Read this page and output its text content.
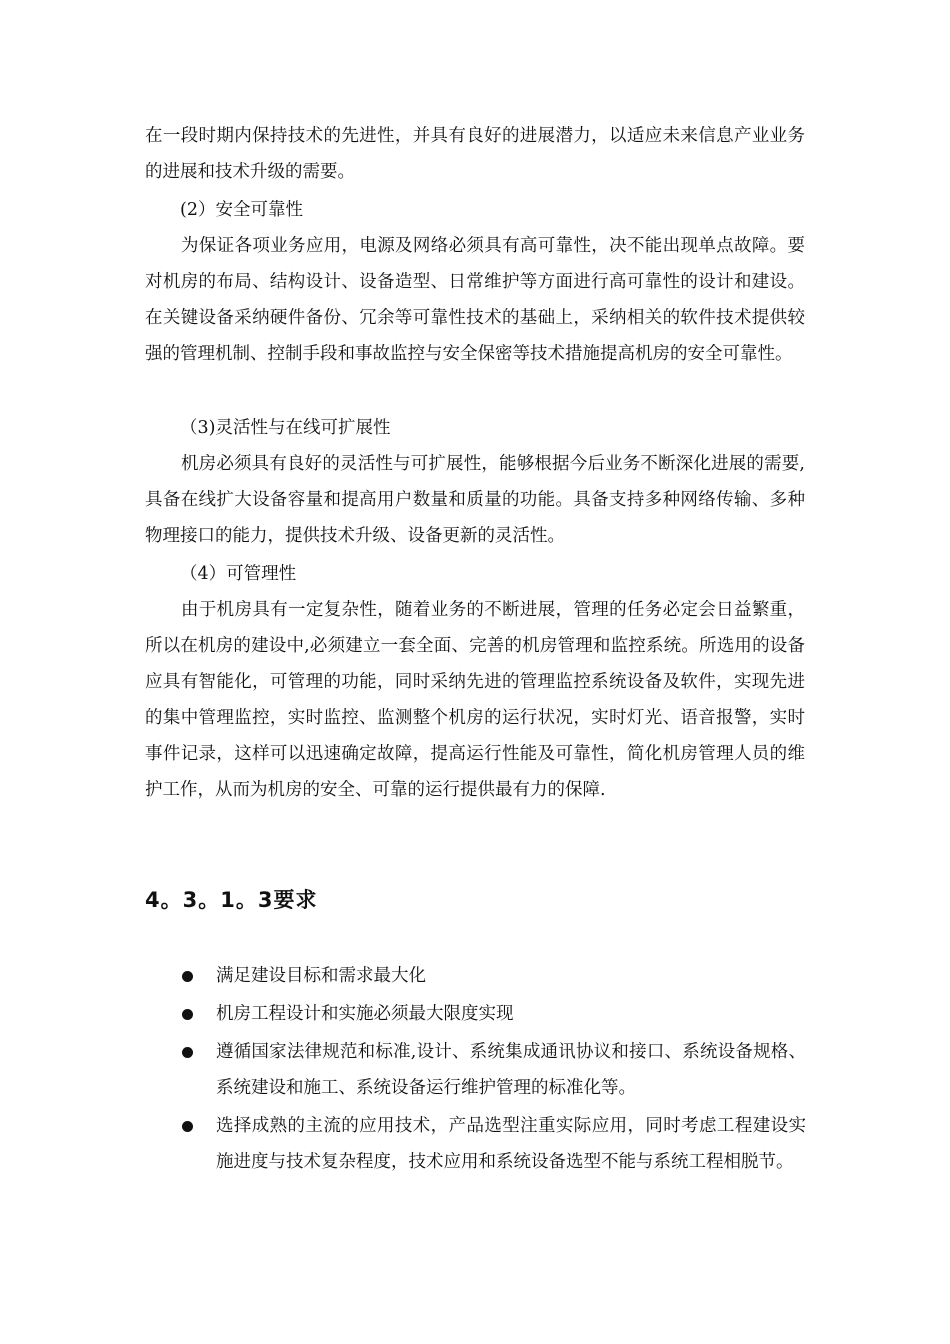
在一段时期内保持技术的先进性，并具有良好的进展潜力，以适应未来信息产业业务的进展和技术升级的需要。

(2）安全可靠性

为保证各项业务应用，电源及网络必须具有高可靠性，决不能出现单点故障。要对机房的布局、结构设计、设备造型、日常维护等方面进行高可靠性的设计和建设。在关键设备采纳硬件备份、冗余等可靠性技术的基础上，采纳相关的软件技术提供较强的管理机制、控制手段和事故监控与安全保密等技术措施提高机房的安全可靠性。

（3)灵活性与在线可扩展性

机房必须具有良好的灵活性与可扩展性，能够根据今后业务不断深化进展的需要,具备在线扩大设备容量和提高用户数量和质量的功能。具备支持多种网络传输、多种物理接口的能力，提供技术升级、设备更新的灵活性。

（4）可管理性

由于机房具有一定复杂性，随着业务的不断进展，管理的任务必定会日益繁重，所以在机房的建设中,必须建立一套全面、完善的机房管理和监控系统。所选用的设备应具有智能化，可管理的功能，同时采纳先进的管理监控系统设备及软件，实现先进的集中管理监控，实时监控、监测整个机房的运行状况，实时灯光、语音报警，实时事件记录，这样可以迅速确定故障，提高运行性能及可靠性，简化机房管理人员的维护工作，从而为机房的安全、可靠的运行提供最有力的保障.

4。3。1。3要求
满足建设目标和需求最大化
机房工程设计和实施必须最大限度实现
遵循国家法律规范和标准,设计、系统集成通讯协议和接口、系统设备规格、系统建设和施工、系统设备运行维护管理的标准化等。
选择成熟的主流的应用技术，产品选型注重实际应用，同时考虑工程建设实施进度与技术复杂程度，技术应用和系统设备选型不能与系统工程相脱节。
